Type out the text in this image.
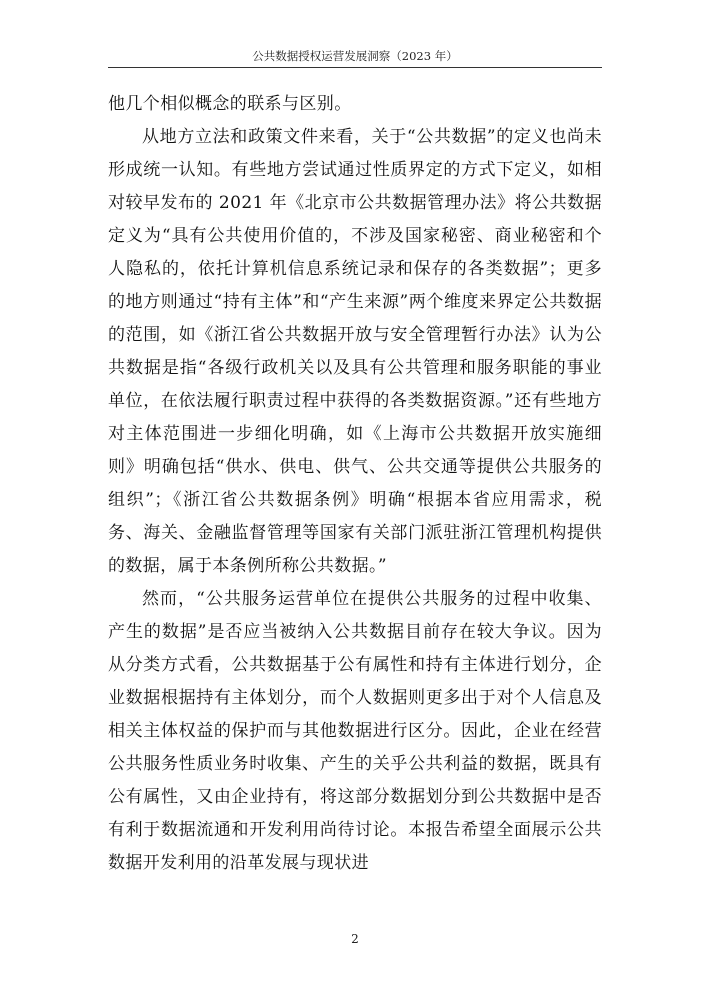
公共数据授权运营发展洞察（2023 年）

他几个相似概念的联系与区别。

从地方立法和政策文件来看，关于“公共数据”的定义也尚未形成统一认知。有些地方尝试通过性质界定的方式下定义，如相对较早发布的 2021 年《北京市公共数据管理办法》将公共数据定义为“具有公共使用价值的，不涉及国家秘密、商业秘密和个人隐私的，依托计算机信息系统记录和保存的各类数据”；更多的地方则通过“持有主体”和“产生来源”两个维度来界定公共数据的范围，如《浙江省公共数据开放与安全管理暂行办法》认为公共数据是指“各级行政机关以及具有公共管理和服务职能的事业单位，在依法履行职责过程中获得的各类数据资源。”还有些地方对主体范围进一步细化明确，如《上海市公共数据开放实施细则》明确包括“供水、供电、供气、公共交通等提供公共服务的组织”；《浙江省公共数据条例》明确“根据本省应用需求，税务、海关、金融监督管理等国家有关部门派驻浙江管理机构提供的数据，属于本条例所称公共数据。”

然而，“公共服务运营单位在提供公共服务的过程中收集、产生的数据”是否应当被纳入公共数据目前存在较大争议。因为从分类方式看，公共数据基于公有属性和持有主体进行划分，企业数据根据持有主体划分，而个人数据则更多出于对个人信息及相关主体权益的保护而与其他数据进行区分。因此，企业在经营公共服务性质业务时收集、产生的关乎公共利益的数据，既具有公有属性，又由企业持有，将这部分数据划分到公共数据中是否有利于数据流通和开发利用尚待讨论。本报告希望全面展示公共数据开发利用的沿革发展与现状进

2
